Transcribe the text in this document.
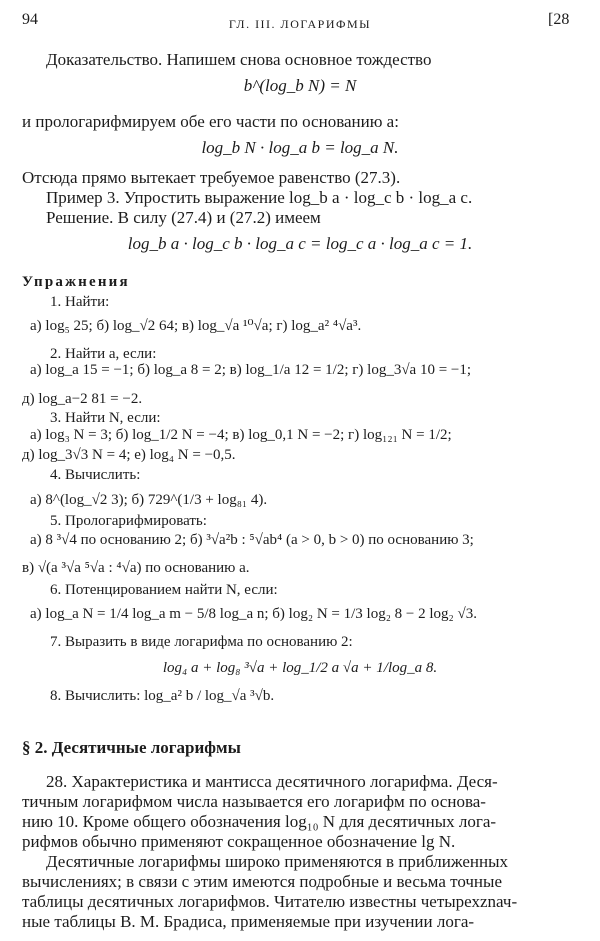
94	ГЛ. III. ЛОГАРИФМЫ	[28
Доказательство. Напишем снова основное тождество
b^(log_b N) = N
и прологарифмируем обе его части по основанию a:
log_b N · log_a b = log_a N.
Отсюда прямо вытекает требуемое равенство (27.3).
Пример 3. Упростить выражение log_b a · log_c b · log_a c.
Решение. В силу (27.4) и (27.2) имеем
log_b a · log_c b · log_a c = log_c a · log_a c = 1.
Упражнения
1. Найти:
а) log₅ 25; б) log_√2 64; в) log_√a ¹⁰√a; г) log_a² ⁴√a³.
2. Найти a, если:
а) log_a 15 = −1; б) log_a 8 = 2; в) log_1/a 12 = 1/2; г) log_3√a 10 = −1;
д) log_a−2 81 = −2.
3. Найти N, если:
а) log₃ N = 3; б) log_1/2 N = −4; в) log_0,1 N = −2; г) log₁₂₁ N = 1/2;
д) log_3√3 N = 4; е) log₄ N = −0,5.
4. Вычислить:
а) 8^(log_√2 3); б) 729^(1/3 + log₈₁ 4).
5. Прологарифмировать:
а) 8 ³√4 по основанию 2; б) ³√a²b : ⁵√ab⁴ (a > 0, b > 0) по основанию 3;
в) √(a ³√a ⁵√a : ⁴√a) по основанию a.
6. Потенцированием найти N, если:
а) log_a N = 1/4 log_a m − 5/8 log_a n; б) log₂ N = 1/3 log₂ 8 − 2 log₂ √3.
7. Выразить в виде логарифма по основанию 2:
log₄ a + log₈ ³√a + log_1/2 a √a + 1/log_a 8.
8. Вычислить: log_a² b / log_√a ³√b.
§ 2. Десятичные логарифмы
28. Характеристика и мантисса десятичного логарифма. Деся-
тичным логарифмом числа называется его логарифм по основа-
нию 10. Кроме общего обозначения log₁₀ N для десятичных лога-
рифмов обычно применяют сокращенное обозначение lg N.
Десятичные логарифмы широко применяются в приближенных
вычислениях; в связи с этим имеются подробные и весьма точные
таблицы десятичных логарифмов. Читателю известны четырехznач-
ные таблицы В. М. Брадиса, применяемые при изучении лога-
